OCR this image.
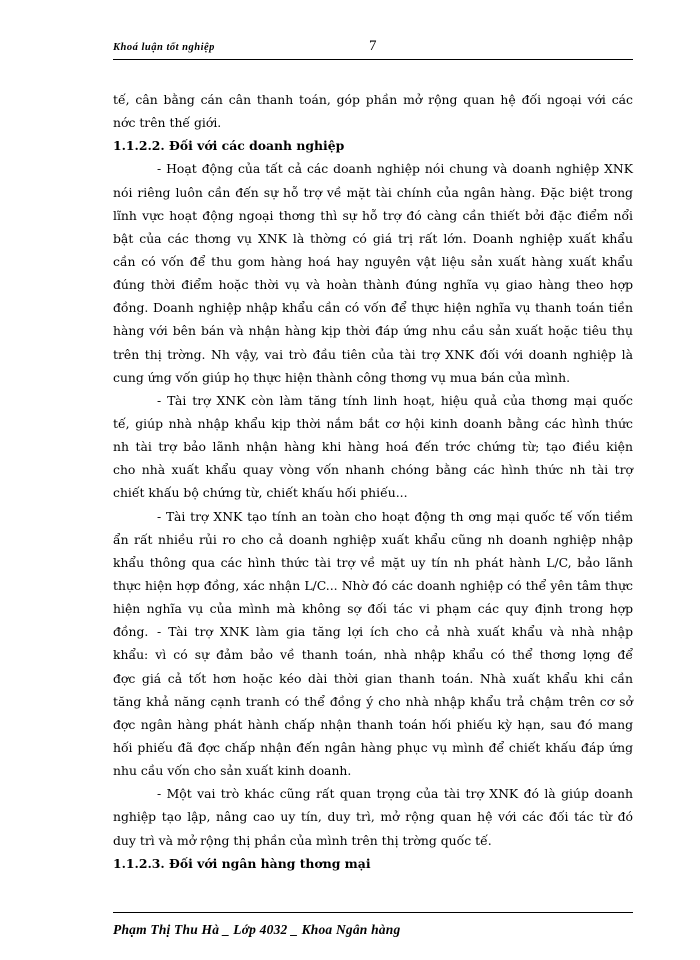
Khoá luận tốt nghiệp	7
tế, cân bằng cán cân thanh toán, góp phần mở rộng quan hệ đối ngoại với các
nớc trên thế giới.
1.1.2.2. Đối với các doanh nghiệp
- Hoạt động của tất cả các doanh nghiệp nói chung và doanh nghiệp XNK
nói riêng luôn cần đến sự hỗ trợ về mặt tài chính của ngân hàng. Đặc biệt trong
lĩnh vực hoạt động ngoại thơng thì sự hỗ trợ đó càng cần thiết bởi đặc điểm nổi
bật của các thơng vụ XNK là thờng có giá trị rất lớn. Doanh nghiệp xuất khẩu
cần có vốn để thu gom hàng hoá hay nguyên vật liệu sản xuất hàng xuất khẩu
đúng thời điểm hoặc thời vụ và hoàn thành đúng nghĩa vụ giao hàng theo hợp
đồng. Doanh nghiệp nhập khẩu cần có vốn để thực hiện nghĩa vụ thanh toán tiền
hàng với bên bán và nhận hàng kịp thời đáp ứng nhu cầu sản xuất hoặc tiêu thụ
trên thị trờng. Nh vậy, vai trò đầu tiên của tài trợ XNK đối với doanh nghiệp là
cung ứng vốn giúp họ thực hiện thành công thơng vụ mua bán của mình.
- Tài trợ XNK còn làm tăng tính linh hoạt, hiệu quả của thơng mại quốc
tế, giúp nhà nhập khẩu kịp thời nắm bắt cơ hội kinh doanh bằng các hình thức
nh tài trợ bảo lãnh nhận hàng khi hàng hoá đến trớc chứng từ; tạo điều kiện
cho nhà xuất khẩu quay vòng vốn nhanh chóng bằng các hình thức nh tài trợ
chiết khấu bộ chứng từ, chiết khấu hối phiếu...
- Tài trợ XNK tạo tính an toàn cho hoạt động th ơng mại quốc tế vốn tiềm
ẩn rất nhiều rủi ro cho cả doanh nghiệp xuất khẩu cũng nh doanh nghiệp nhập
khẩu thông qua các hình thức tài trợ về mặt uy tín nh phát hành L/C, bảo lãnh
thực hiện hợp đồng, xác nhận L/C... Nhờ đó các doanh nghiệp có thể yên tâm thực
hiện nghĩa vụ của mình mà không sợ đối tác vi phạm các quy định trong hợp đồng. - Tài trợ XNK làm gia tăng lợi ích cho cả nhà xuất khẩu và nhà nhập
khẩu: vì có sự đảm bảo về thanh toán, nhà nhập khẩu có thể thơng lợng để
đợc giá cả tốt hơn hoặc kéo dài thời gian thanh toán. Nhà xuất khẩu khi cần
tăng khả năng cạnh tranh có thể đồng ý cho nhà nhập khẩu trả chậm trên cơ sở
đợc ngân hàng phát hành chấp nhận thanh toán hối phiếu kỳ hạn, sau đó mang
hối phiếu đã đợc chấp nhận đến ngân hàng phục vụ mình để chiết khấu đáp ứng
nhu cầu vốn cho sản xuất kinh doanh.
- Một vai trò khác cũng rất quan trọng của tài trợ XNK đó là giúp doanh
nghiệp tạo lập, nâng cao uy tín, duy trì, mở rộng quan hệ với các đối tác từ đó
duy trì và mở rộng thị phần của mình trên thị trờng quốc tế.
1.1.2.3. Đối với ngân hàng thơng mại
Phạm Thị Thu Hà _ Lớp 4032 _ Khoa Ngân hàng
